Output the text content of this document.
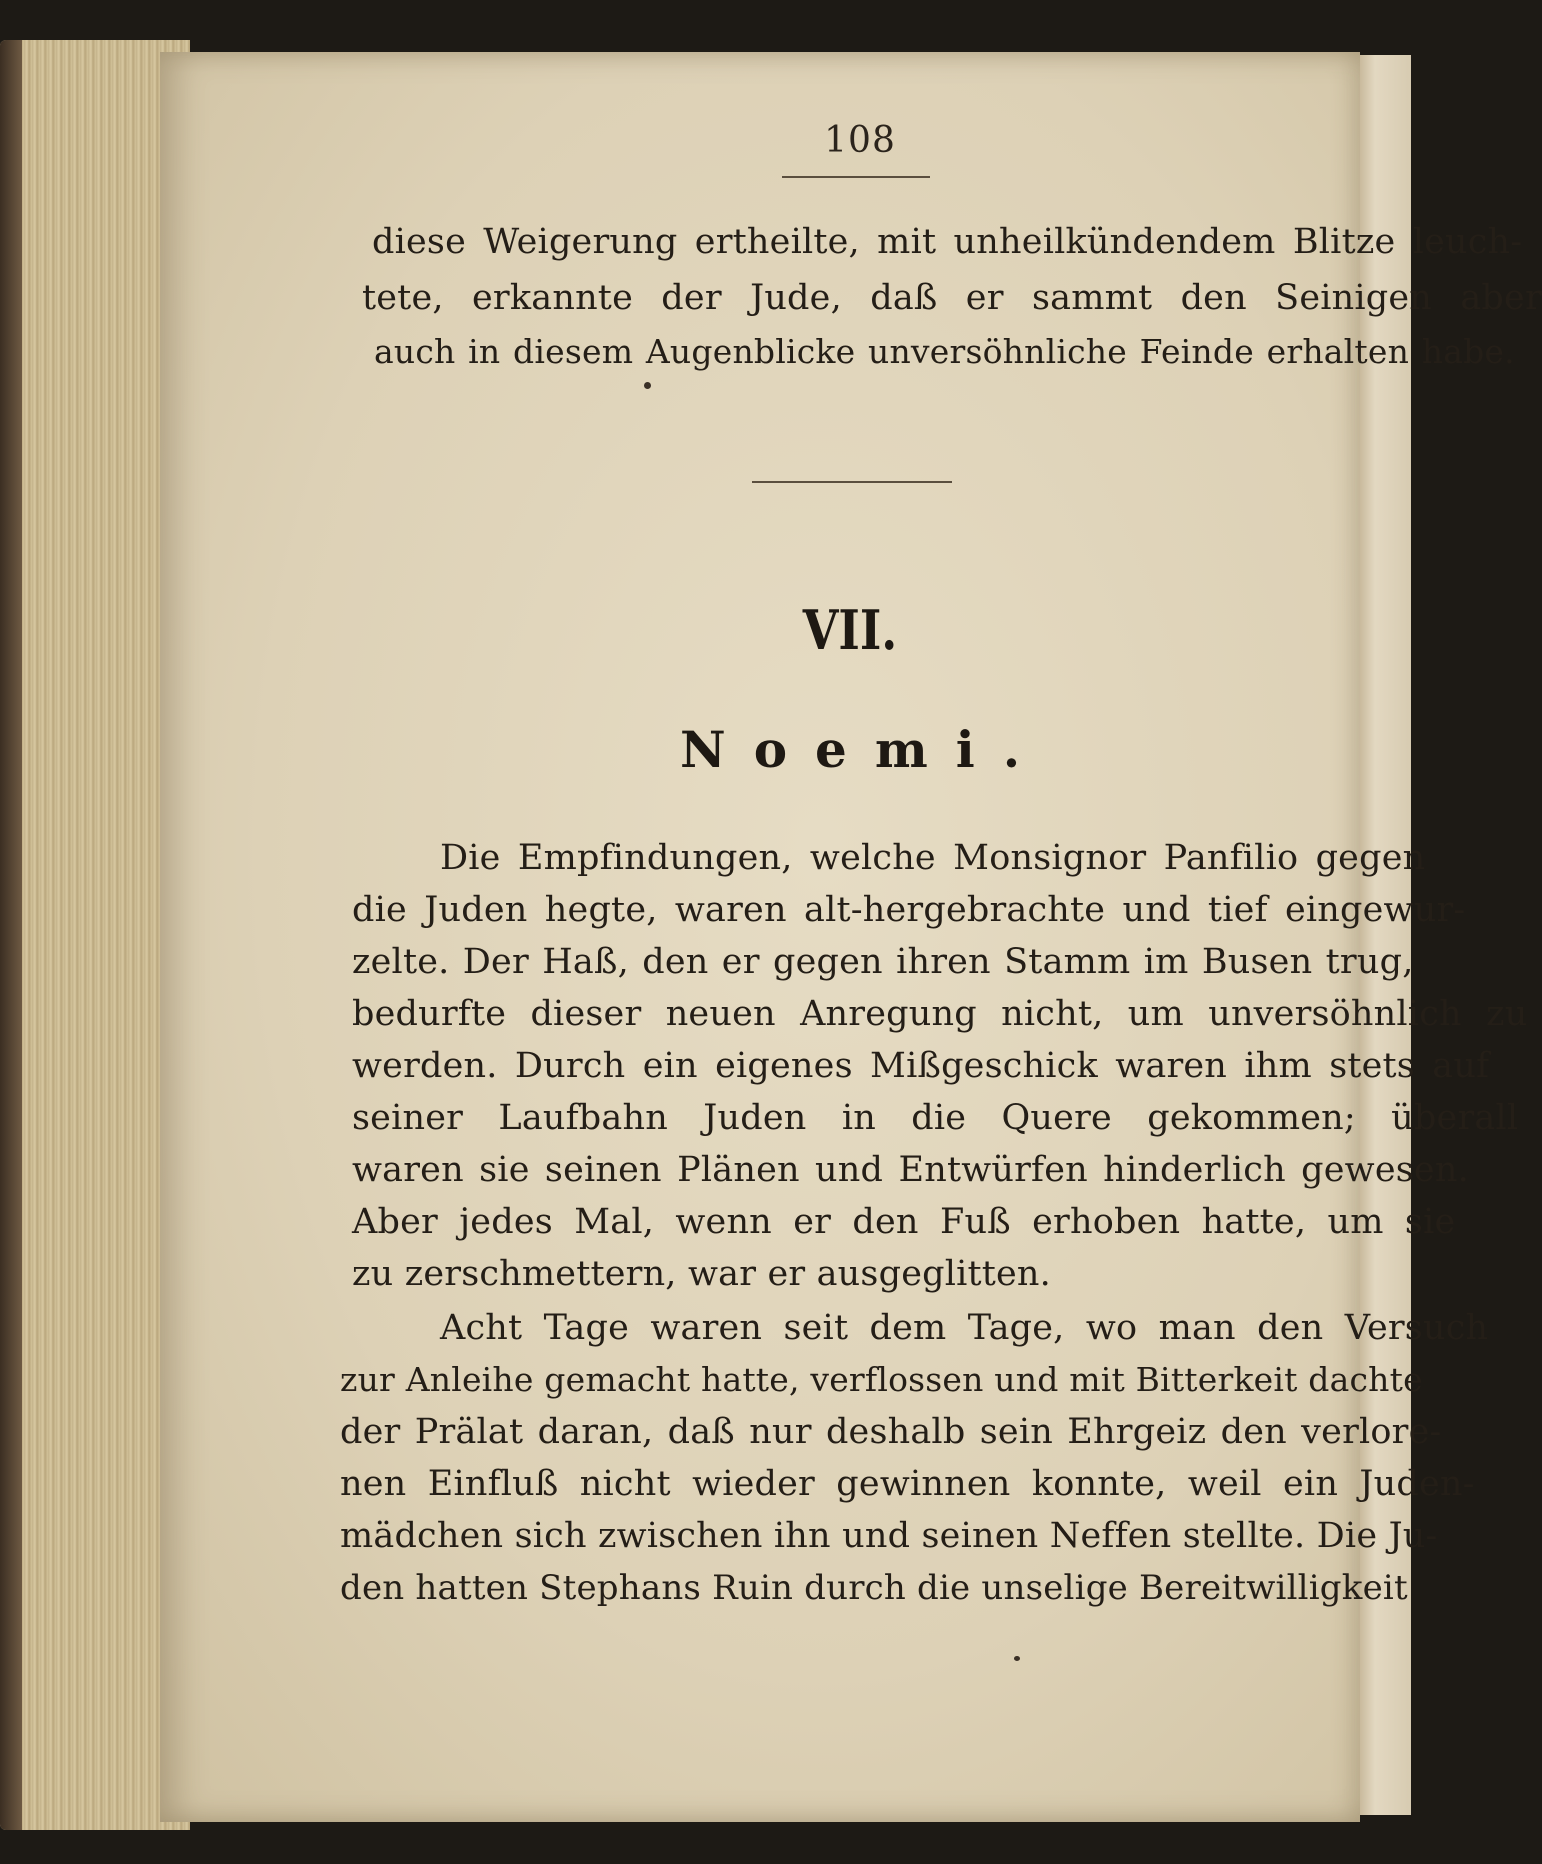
108
diese Weigerung ertheilte, mit unheilkündendem Blitze leuch-
tete, erkannte der Jude, daß er sammt den Seinigen aber
auch in diesem Augenblicke unversöhnliche Feinde erhalten habe.
VII.
Noemi.
Die Empfindungen, welche Monsignor Panfilio gegen
die Juden hegte, waren alt-hergebrachte und tief eingewur-
zelte. Der Haß, den er gegen ihren Stamm im Busen trug,
bedurfte dieser neuen Anregung nicht, um unversöhnlich zu
werden. Durch ein eigenes Mißgeschick waren ihm stets auf
seiner Laufbahn Juden in die Quere gekommen; überall
waren sie seinen Plänen und Entwürfen hinderlich gewesen.
Aber jedes Mal, wenn er den Fuß erhoben hatte, um sie
zu zerschmettern, war er ausgeglitten.
Acht Tage waren seit dem Tage, wo man den Versuch
zur Anleihe gemacht hatte, verflossen und mit Bitterkeit dachte
der Prälat daran, daß nur deshalb sein Ehrgeiz den verlore-
nen Einfluß nicht wieder gewinnen konnte, weil ein Juden-
mädchen sich zwischen ihn und seinen Neffen stellte. Die Ju-
den hatten Stephans Ruin durch die unselige Bereitwilligkeit
